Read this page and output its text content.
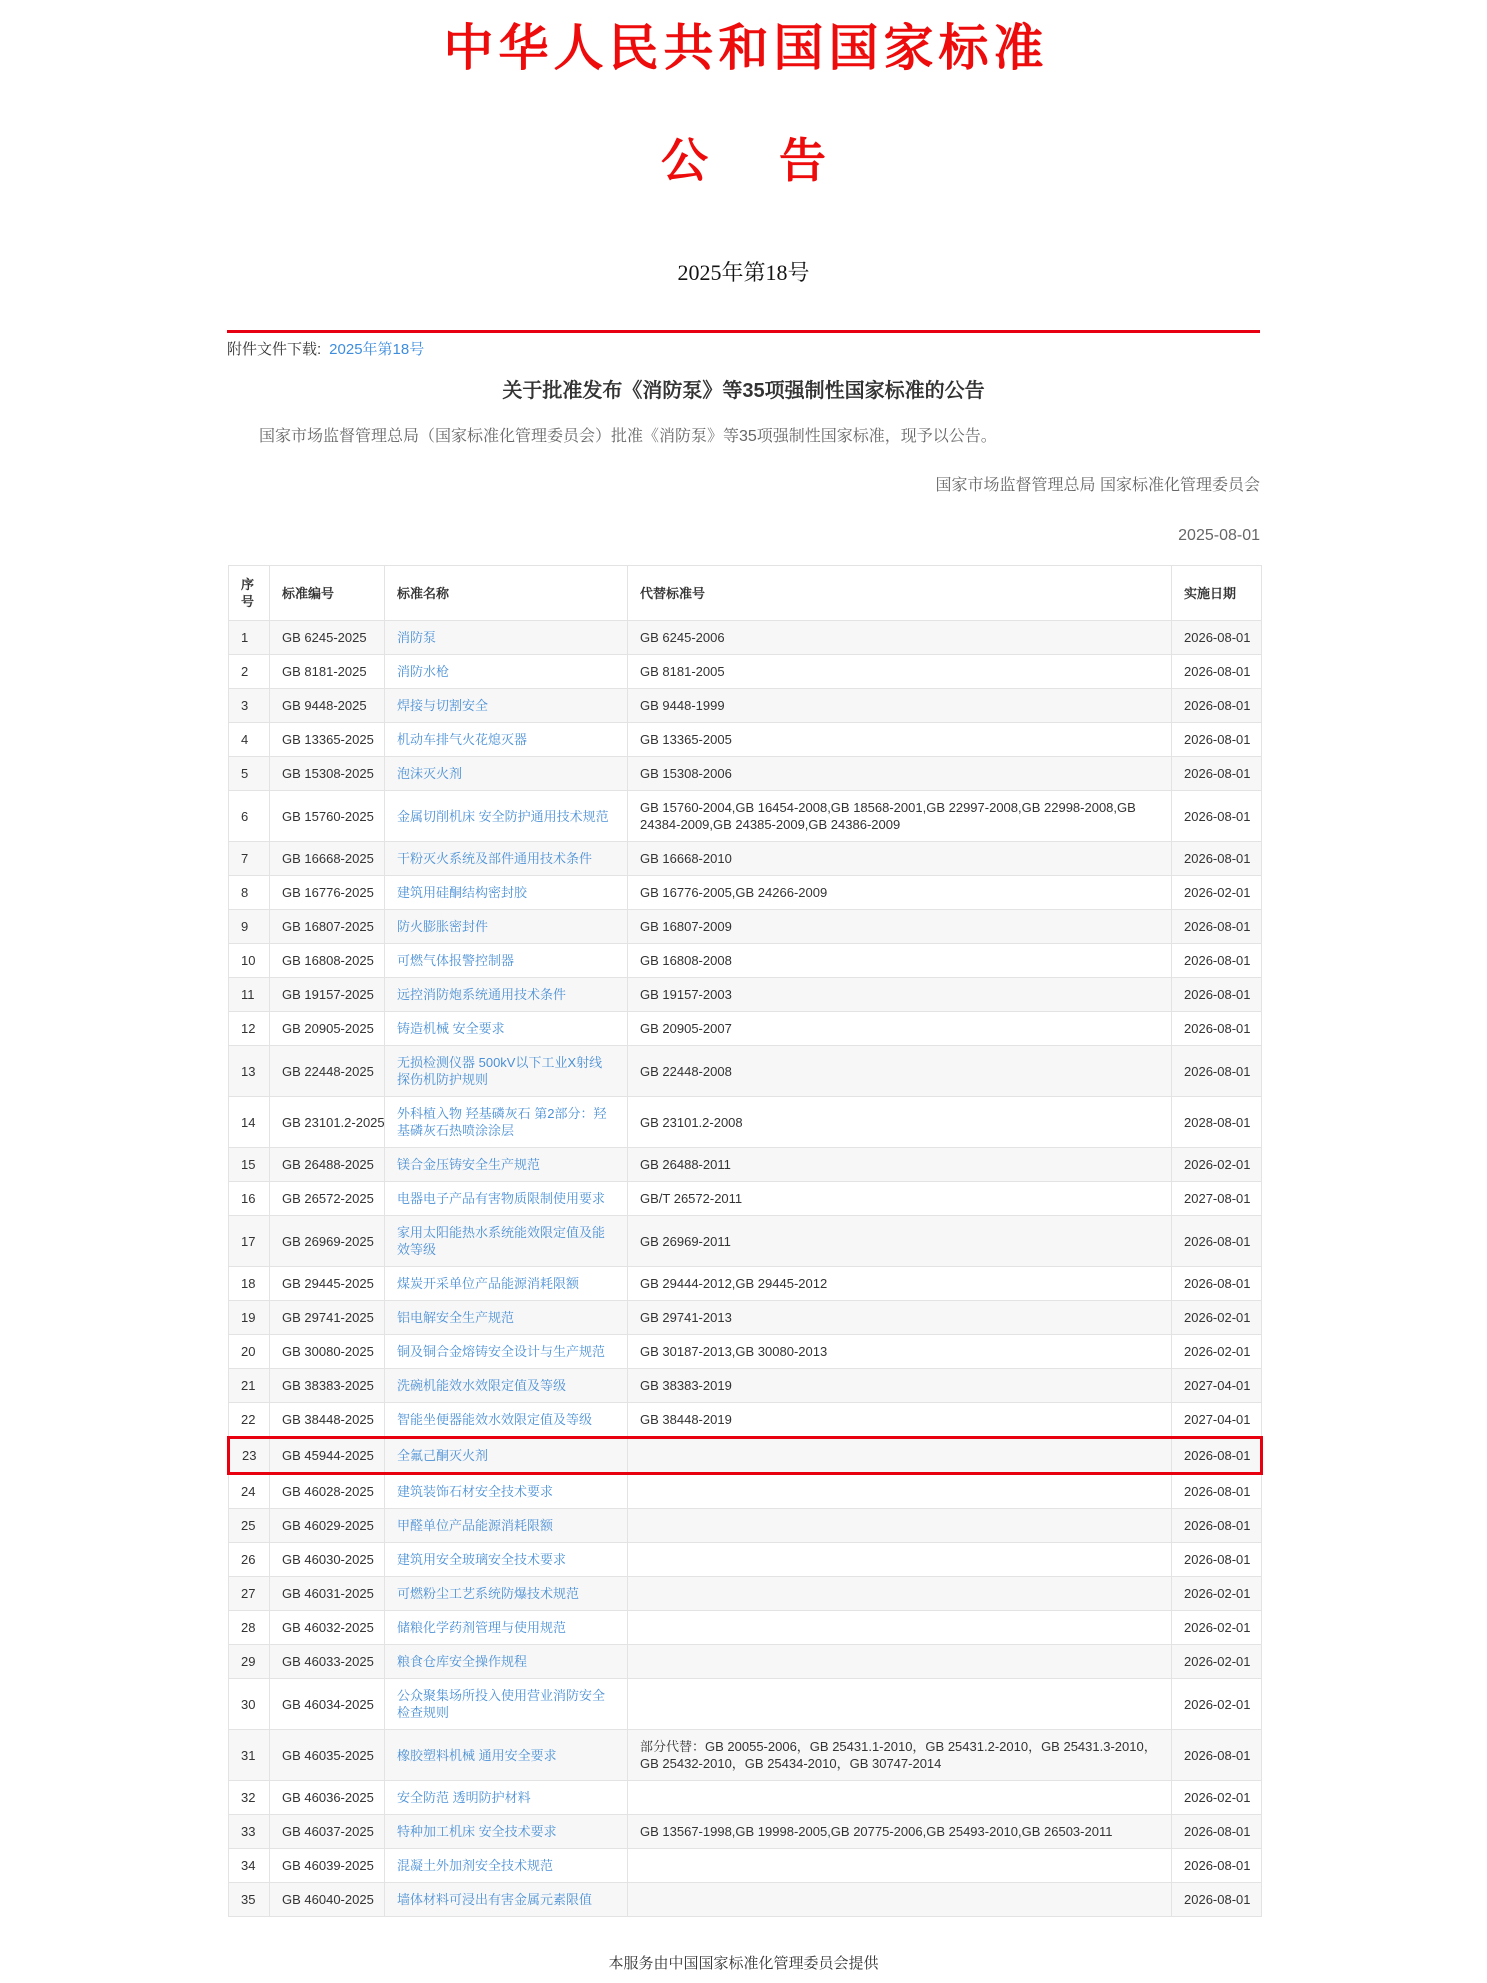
中华人民共和国国家标准
公　告
2025年第18号
附件文件下载: 2025年第18号
关于批准发布《消防泵》等35项强制性国家标准的公告

国家市场监督管理总局（国家标准化管理委员会）批准《消防泵》等35项强制性国家标准，现予以公告。

国家市场监督管理总局 国家标准化管理委员会
2025-08-01
序号	标准编号	标准名称	代替标准号	实施日期
1	GB 6245-2025	消防泵	GB 6245-2006	2026-08-01
2	GB 8181-2025	消防水枪	GB 8181-2005	2026-08-01
3	GB 9448-2025	焊接与切割安全	GB 9448-1999	2026-08-01
4	GB 13365-2025	机动车排气火花熄灭器	GB 13365-2005	2026-08-01
5	GB 15308-2025	泡沫灭火剂	GB 15308-2006	2026-08-01
6	GB 15760-2025	金属切削机床 安全防护通用技术规范	GB 15760-2004,GB 16454-2008,GB 18568-2001,GB 22997-2008,GB 22998-2008,GB 24384-2009,GB 24385-2009,GB 24386-2009	2026-08-01
7	GB 16668-2025	干粉灭火系统及部件通用技术条件	GB 16668-2010	2026-08-01
8	GB 16776-2025	建筑用硅酮结构密封胶	GB 16776-2005,GB 24266-2009	2026-02-01
9	GB 16807-2025	防火膨胀密封件	GB 16807-2009	2026-08-01
10	GB 16808-2025	可燃气体报警控制器	GB 16808-2008	2026-08-01
11	GB 19157-2025	远控消防炮系统通用技术条件	GB 19157-2003	2026-08-01
12	GB 20905-2025	铸造机械 安全要求	GB 20905-2007	2026-08-01
13	GB 22448-2025	无损检测仪器 500kV以下工业X射线探伤机防护规则	GB 22448-2008	2026-08-01
14	GB 23101.2-2025	外科植入物 羟基磷灰石 第2部分：羟基磷灰石热喷涂涂层	GB 23101.2-2008	2028-08-01
15	GB 26488-2025	镁合金压铸安全生产规范	GB 26488-2011	2026-02-01
16	GB 26572-2025	电器电子产品有害物质限制使用要求	GB/T 26572-2011	2027-08-01
17	GB 26969-2025	家用太阳能热水系统能效限定值及能效等级	GB 26969-2011	2026-08-01
18	GB 29445-2025	煤炭开采单位产品能源消耗限额	GB 29444-2012,GB 29445-2012	2026-08-01
19	GB 29741-2025	铝电解安全生产规范	GB 29741-2013	2026-02-01
20	GB 30080-2025	铜及铜合金熔铸安全设计与生产规范	GB 30187-2013,GB 30080-2013	2026-02-01
21	GB 38383-2025	洗碗机能效水效限定值及等级	GB 38383-2019	2027-04-01
22	GB 38448-2025	智能坐便器能效水效限定值及等级	GB 38448-2019	2027-04-01
23	GB 45944-2025	全氟己酮灭火剂		2026-08-01
24	GB 46028-2025	建筑装饰石材安全技术要求		2026-08-01
25	GB 46029-2025	甲醛单位产品能源消耗限额		2026-08-01
26	GB 46030-2025	建筑用安全玻璃安全技术要求		2026-08-01
27	GB 46031-2025	可燃粉尘工艺系统防爆技术规范		2026-02-01
28	GB 46032-2025	储粮化学药剂管理与使用规范		2026-02-01
29	GB 46033-2025	粮食仓库安全操作规程		2026-02-01
30	GB 46034-2025	公众聚集场所投入使用营业消防安全检查规则		2026-02-01
31	GB 46035-2025	橡胶塑料机械 通用安全要求	部分代替：GB 20055-2006，GB 25431.1-2010，GB 25431.2-2010，GB 25431.3-2010，GB 25432-2010，GB 25434-2010，GB 30747-2014	2026-08-01
32	GB 46036-2025	安全防范 透明防护材料		2026-02-01
33	GB 46037-2025	特种加工机床 安全技术要求	GB 13567-1998,GB 19998-2005,GB 20775-2006,GB 25493-2010,GB 26503-2011	2026-08-01
34	GB 46039-2025	混凝土外加剂安全技术规范		2026-08-01
35	GB 46040-2025	墙体材料可浸出有害金属元素限值		2026-08-01
本服务由中国国家标准化管理委员会提供
